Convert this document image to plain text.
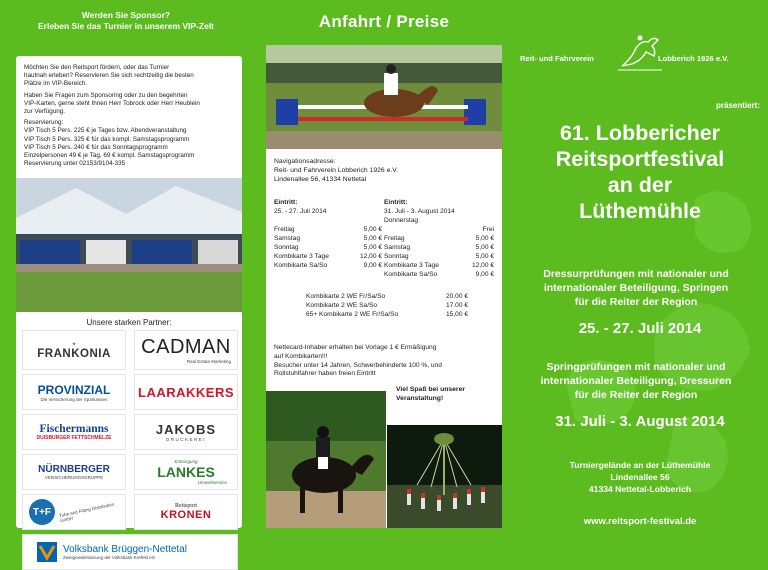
Werden Sie Sponsor?
Erleben Sie das Turnier in unserem VIP-Zelt

Möchten Sie den Reitsport fördern, oder das Turnier
hautnah erleben? Reservieren Sie sich rechtzeitig die besten
Plätze im VIP-Bereich.

Haben Sie Fragen zum Sponsoring oder zu den begehrten
VIP-Karten, gerne steht Ihnen Herr Tobrock oder Herr Heublein
zur Verfügung.

Reservierung:
VIP Tisch 5 Pers. 225 € je Tages bzw. Abendveranstaltung
VIP Tisch 5 Pers. 325 € für das kompl. Samstagsprogramm
VIP Tisch 5 Pers. 240 € für das Sonntagsprogramm
Einzelpersonen 49 € je Tag, 69 € kompl. Samstagsprogramm
Reservierung unter 02153/9104-335

Unsere starken Partner:
✦
FRANKONIA CADMAN
Real Estate Marketing
PROVINZIAL
Die Versicherung der Sparkassen LAARAKKERS
Fischermanns
DUISBURGER FETTSCHMELZE
JAKOBS
DRUCKEREI
NÜRNBERGER
VERSICHERUNGSGRUPPE
Entsorgung
LANKES
Umweltservice
T+F	Tube and Fitting Distribution GmbH
Reitsport
KRONEN
Volksbank Brüggen-Nettetal
Zweigniederlassung der Volksbank Krefeld eG
Anfahrt / Preise
Navigationsadresse:
Reit- und Fahrverein Lobberich 1926 e.V.
Lindenallee 56, 41334 Nettetal
Eintritt:
25. - 27. Juli 2014

Freitag	5,00 €
Samstag	5,00 €
Sonntag	5,00 €
Kombikarte 3 Tage	12,00 €
Kombikarte Sa/So	9,00 €
Eintritt:
31. Juli - 3. August 2014
Donnerstag
Frei
Freitag	5,00 €
Samstag	5,00 €
Sonntag	5,00 €
Kombikarte 3 Tage	12,00 €
Kombikarte Sa/So	9,00 €
Kombikarte 2 WE Fr/Sa/So	20.00 €
Kombikarte 2 WE Sa/So	17.00 €
65+ Kombikarte 2 WE Fr/Sa/So	15,00 €
Nettecard-Inhaber erhalten bei Vorlage 1 € Ermäßigung
auf Kombikarten!!!
Besucher unter 14 Jahren, Schwerbehinderte 100 %, und
Rollstuhlfahrer haben freien Eintritt
Viel Spaß bei unserer
Veranstaltung!
Reit- und Fahrverein	Lobberich 1926 e.V.
präsentiert:
61. Lobbericher
Reitsportfestival
an der
Lüthemühle
Dressurprüfungen mit nationaler und
internationaler Beteiligung, Springen
für die Reiter der Region
25. - 27. Juli 2014
Springprüfungen mit nationaler und
internationaler Beteiligung, Dressuren
für die Reiter der Region
31. Juli - 3. August 2014
Turniergelände an der Lüthemühle
Lindenallee 56
41334 Nettetal-Lobberich
www.reitsport-festival.de
